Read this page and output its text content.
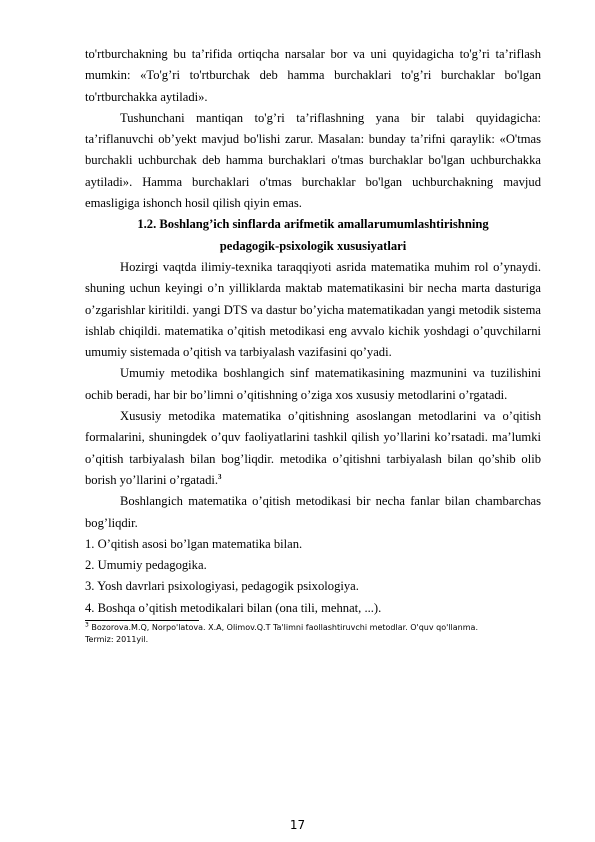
to'rtburchakning bu ta’rifida ortiqcha narsalar bor va uni quyidagicha to'g’ri ta’riflash mumkin: «To'g’ri to'rtburchak deb hamma burchaklari to'g’ri burchaklar bo'lgan to'rtburchakka aytiladi».

Tushunchani mantiqan to'g’ri ta’riflashning yana bir talabi quyidagicha: ta’riflanuvchi ob’yekt mavjud bo'lishi zarur. Masalan: bunday ta’rifni qaraylik: «O'tmas burchakli uchburchak deb hamma burchaklari o'tmas burchaklar bo'lgan uchburchakka aytiladi». Hamma burchaklari o'tmas burchaklar bo'lgan uchburchakning mavjud emasligiga ishonch hosil qilish qiyin emas.

1.2. Boshlang’ich sinflarda arifmetik amallarumumlashtirishning

pedagogik-psixologik xususiyatlari

Hozirgi vaqtda ilimiy-texnika taraqqiyoti asrida matematika muhim rol o’ynaydi. shuning uchun keyingi o’n yilliklarda maktab matematikasini bir necha marta dasturiga o’zgarishlar kiritildi. yangi DTS va dastur bo’yicha matematikadan yangi metodik sistema ishlab chiqildi. matematika o’qitish metodikasi eng avvalo kichik yoshdagi o’quvchilarni umumiy sistemada o’qitish va tarbiyalash vazifasini qo’yadi.

Umumiy metodika boshlangich sinf matematikasining mazmunini va tuzilishini ochib beradi, har bir bo’limni o’qitishning o’ziga xos xususiy metodlarini o’rgatadi.

Xususiy metodika matematika o’qitishning asoslangan metodlarini va o’qitish formalarini, shuningdek o’quv faoliyatlarini tashkil qilish yo’llarini ko’rsatadi. ma’lumki o’qitish tarbiyalash bilan bog’liqdir. metodika o’qitishni tarbiyalash bilan qo’shib olib borish yo’llarini o’rgatadi.$^3$

Boshlangich matematika o’qitish metodikasi bir necha fanlar bilan chambarchas bog’liqdir.

1. O’qitish asosi bo’lgan matematika bilan.

2. Umumiy pedagogika.

3. Yosh davrlari psixologiyasi, pedagogik psixologiya.

4. Boshqa o’qitish metodikalari bilan (ona tili, mehnat, ...).

$^3$ Bozorova.M.Q, Norpo'latova. X.A, Olimov.Q.T Ta'limni faollashtiruvchi metodlar. O'quv qo'llanma. Termiz: 2011yil.

17
